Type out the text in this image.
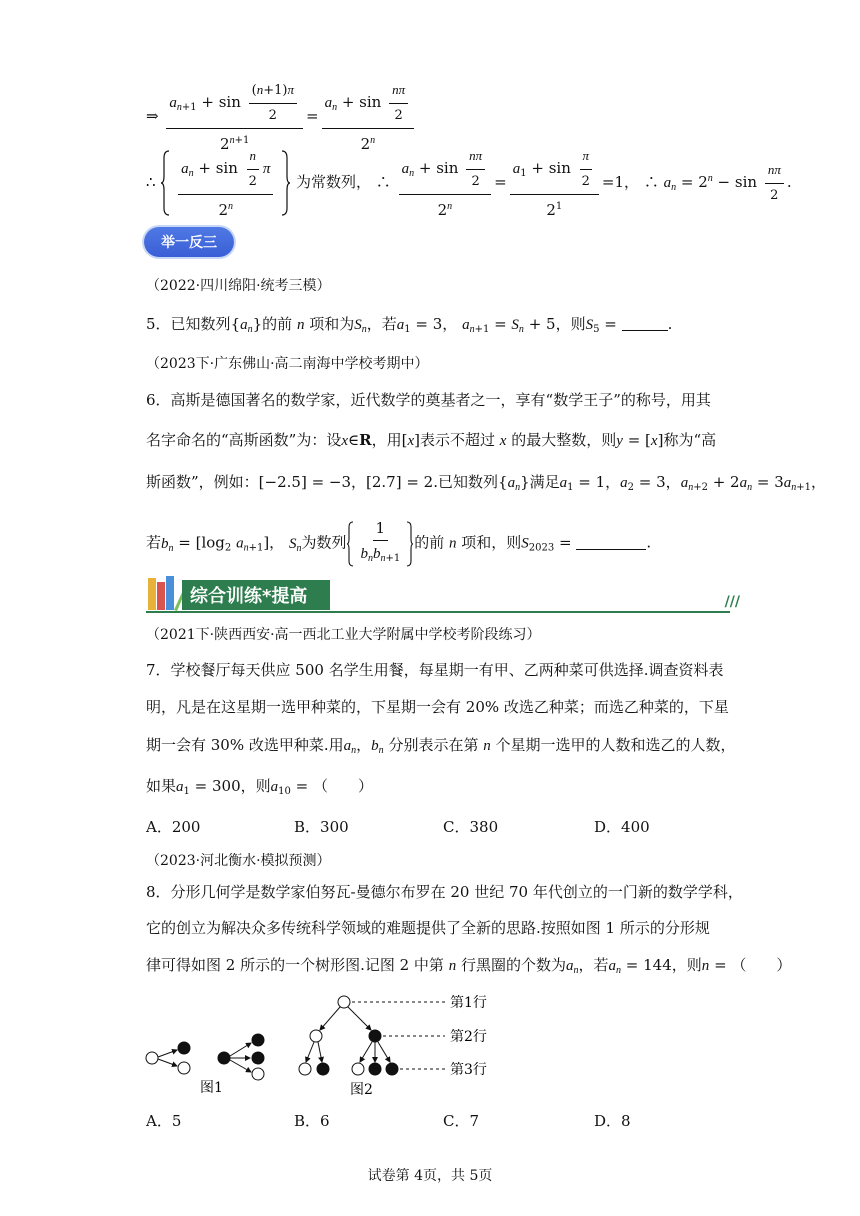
⇒ $\frac{a_{n+1} + \sin \frac{(n+1)\pi}{2}}{2^{n+1}} = \frac{a_n + \sin \frac{n\pi}{2}}{2^n}$
∴ $\frac{a_n + \sin \frac{n}{2} \pi}{2^n}$ 为常数列， ∴ $\frac{a_n + \sin \frac{n\pi}{2}}{2^n} = \frac{a_1 + \sin \frac{\pi}{2}}{2^1} =1$， ∴ $a_n = 2^n - \sin \frac{n\pi}{2}$ .
举一反三
（2022·四川绵阳·统考三模）
5．已知数列$\{a_n\}$的前 n 项和为$S_n$，若$a_1 = 3$， $a_{n+1} = S_n + 5$，则$S_5$ =	.
（2023下·广东佛山·高二南海中学校考期中）
6．高斯是德国著名的数学家，近代数学的奠基者之一，享有“数学王子”的称号，用其
名字命名的“高斯函数”为：设x∈R，用[x]表示不超过 x 的最大整数，则y = [x]称为“高
斯函数”，例如：[−2.5] = −3，[2.7] = 2.已知数列$\{a_n\}$满足$a_1 = 1$，$a_2 = 3$，$a_{n+2} + 2a_n = 3a_{n+1}$，
若$b_n = [\log_2$ $a_{n+1}$]， $S_n$为数列 $\frac{1}{b_nb_{n+1}}$ 的前 n 项和，则$S_{2023}$ =	.
综合训练*提高	///
（2021下·陕西西安·高一西北工业大学附属中学校考阶段练习）
7．学校餐厅每天供应 500 名学生用餐，每星期一有甲、乙两种菜可供选择.调查资料表
明，凡是在这星期一选甲种菜的，下星期一会有 20% 改选乙种菜；而选乙种菜的，下星
期一会有 30% 改选甲种菜.用$a_n$，$b_n$ 分别表示在第 n 个星期一选甲的人数和选乙的人数，
如果$a_1 = 300$，则$a_{10}$ = （　　）
A．200	B．300	C．380	D．400
（2023·河北衡水·模拟预测）
8．分形几何学是数学家伯努瓦-曼德尔布罗在 20 世纪 70 年代创立的一门新的数学学科，
它的创立为解决众多传统科学领域的难题提供了全新的思路.按照如图 1 所示的分形规
律可得如图 2 所示的一个树形图.记图 2 中第 n 行黑圈的个数为$a_n$，若$a_n = 144$，则n = （　　）
图1
第1行
第2行
第3行
图2
A．5	B．6	C．7	D．8
试卷第 4页，共 5页
